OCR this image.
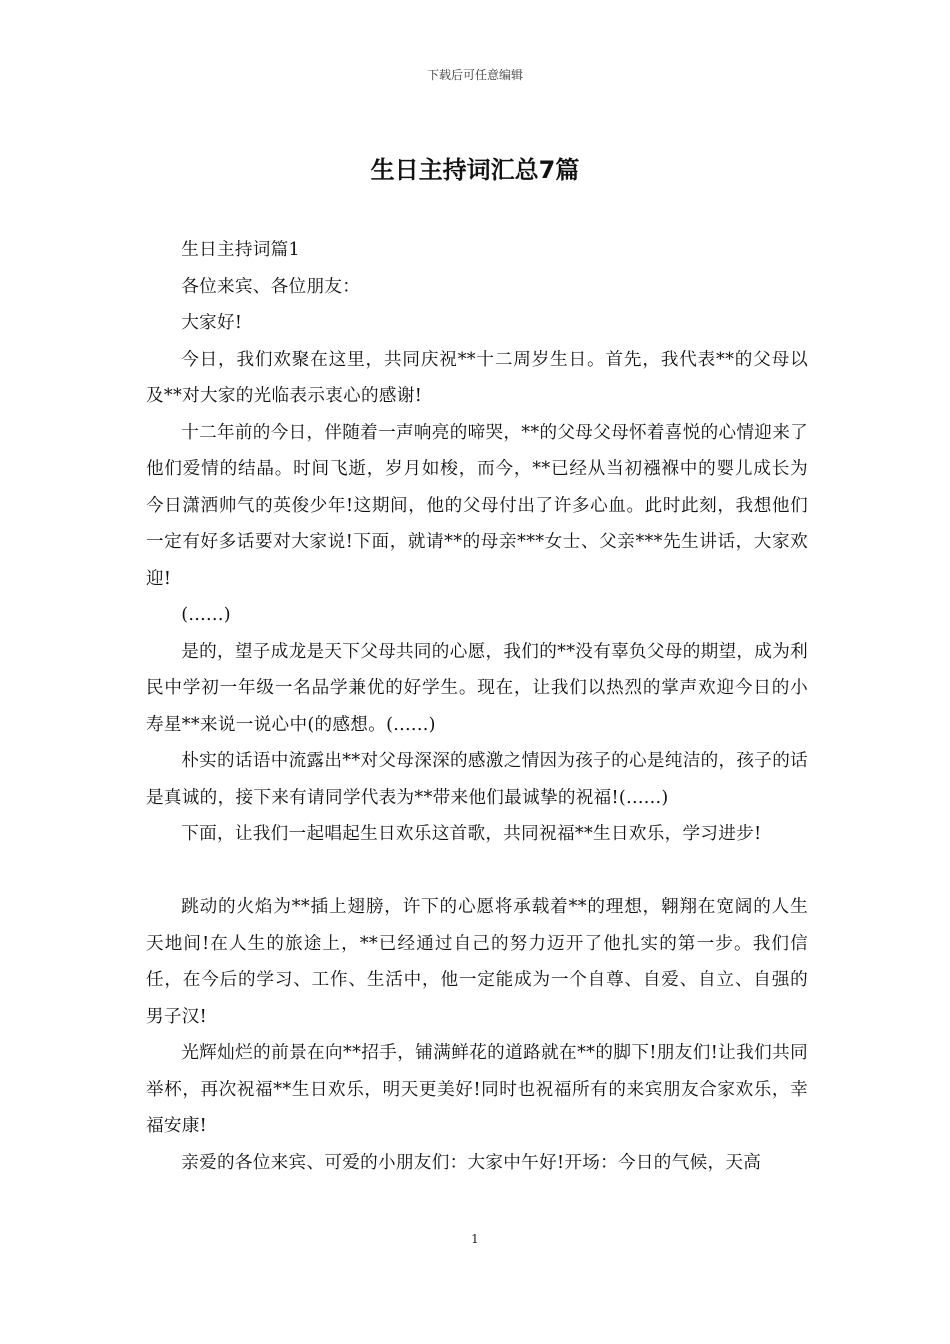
下载后可任意编辑
生日主持词汇总7篇

生日主持词篇1

各位来宾、各位朋友：

大家好!

今日，我们欢聚在这里，共同庆祝**十二周岁生日。首先，我代表**的父母以及**对大家的光临表示衷心的感谢!

十二年前的今日，伴随着一声响亮的啼哭，**的父母父母怀着喜悦的心情迎来了他们爱情的结晶。时间飞逝，岁月如梭，而今，**已经从当初襁褓中的婴儿成长为今日潇洒帅气的英俊少年!这期间，他的父母付出了许多心血。此时此刻，我想他们一定有好多话要对大家说!下面，就请**的母亲***女士、父亲***先生讲话，大家欢迎!

(......)

是的，望子成龙是天下父母共同的心愿，我们的**没有辜负父母的期望，成为利民中学初一年级一名品学兼优的好学生。现在，让我们以热烈的掌声欢迎今日的小寿星**来说一说心中(的感想。(......)

朴实的话语中流露出**对父母深深的感激之情因为孩子的心是纯洁的，孩子的话是真诚的，接下来有请同学代表为**带来他们最诚挚的祝福!(......)

下面，让我们一起唱起生日欢乐这首歌，共同祝福**生日欢乐，学习进步!

跳动的火焰为**插上翅膀，许下的心愿将承载着**的理想，翱翔在宽阔的人生天地间!在人生的旅途上，**已经通过自己的努力迈开了他扎实的第一步。我们信任，在今后的学习、工作、生活中，他一定能成为一个自尊、自爱、自立、自强的男子汉!

光辉灿烂的前景在向**招手，铺满鲜花的道路就在**的脚下!朋友们!让我们共同举杯，再次祝福**生日欢乐，明天更美好!同时也祝福所有的来宾朋友合家欢乐，幸福安康!

亲爱的各位来宾、可爱的小朋友们：大家中午好!开场：今日的气候，天高

1
